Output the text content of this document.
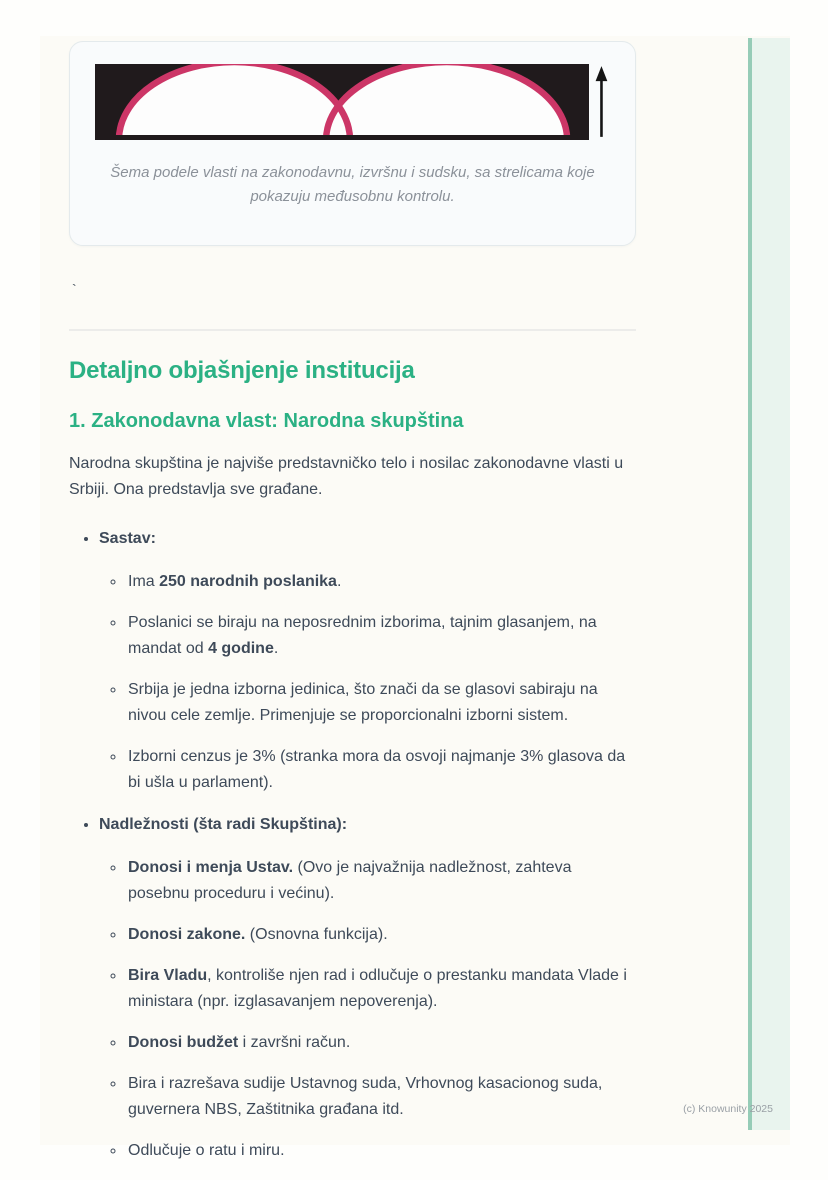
Šema podele vlasti na zakonodavnu, izvršnu i sudsku, sa strelicama koje pokazuju međusobnu kontrolu.

`

Detaljno objašnjenje institucija
1. Zakonodavna vlast: Narodna skupština

Narodna skupština je najviše predstavničko telo i nosilac zakonodavne vlasti u Srbiji. Ona predstavlja sve građane.

• Sastav:
◦ Ima 250 narodnih poslanika.
◦ Poslanici se biraju na neposrednim izborima, tajnim glasanjem, na mandat od 4 godine.
◦ Srbija je jedna izborna jedinica, što znači da se glasovi sabiraju na nivou cele zemlje. Primenjuje se proporcionalni izborni sistem.
◦ Izborni cenzus je 3% (stranka mora da osvoji najmanje 3% glasova da bi ušla u parlament).
• Nadležnosti (šta radi Skupština):
◦ Donosi i menja Ustav. (Ovo je najvažnija nadležnost, zahteva posebnu proceduru i većinu).
◦ Donosi zakone. (Osnovna funkcija).
◦ Bira Vladu, kontroliše njen rad i odlučuje o prestanku mandata Vlade i ministara (npr. izglasavanjem nepoverenja).
◦ Donosi budžet i završni račun.
◦ Bira i razrešava sudije Ustavnog suda, Vrhovnog kasacionog suda, guvernera NBS, Zaštitnika građana itd.
◦ Odlučuje o ratu i miru.
(c) Knowunity 2025
